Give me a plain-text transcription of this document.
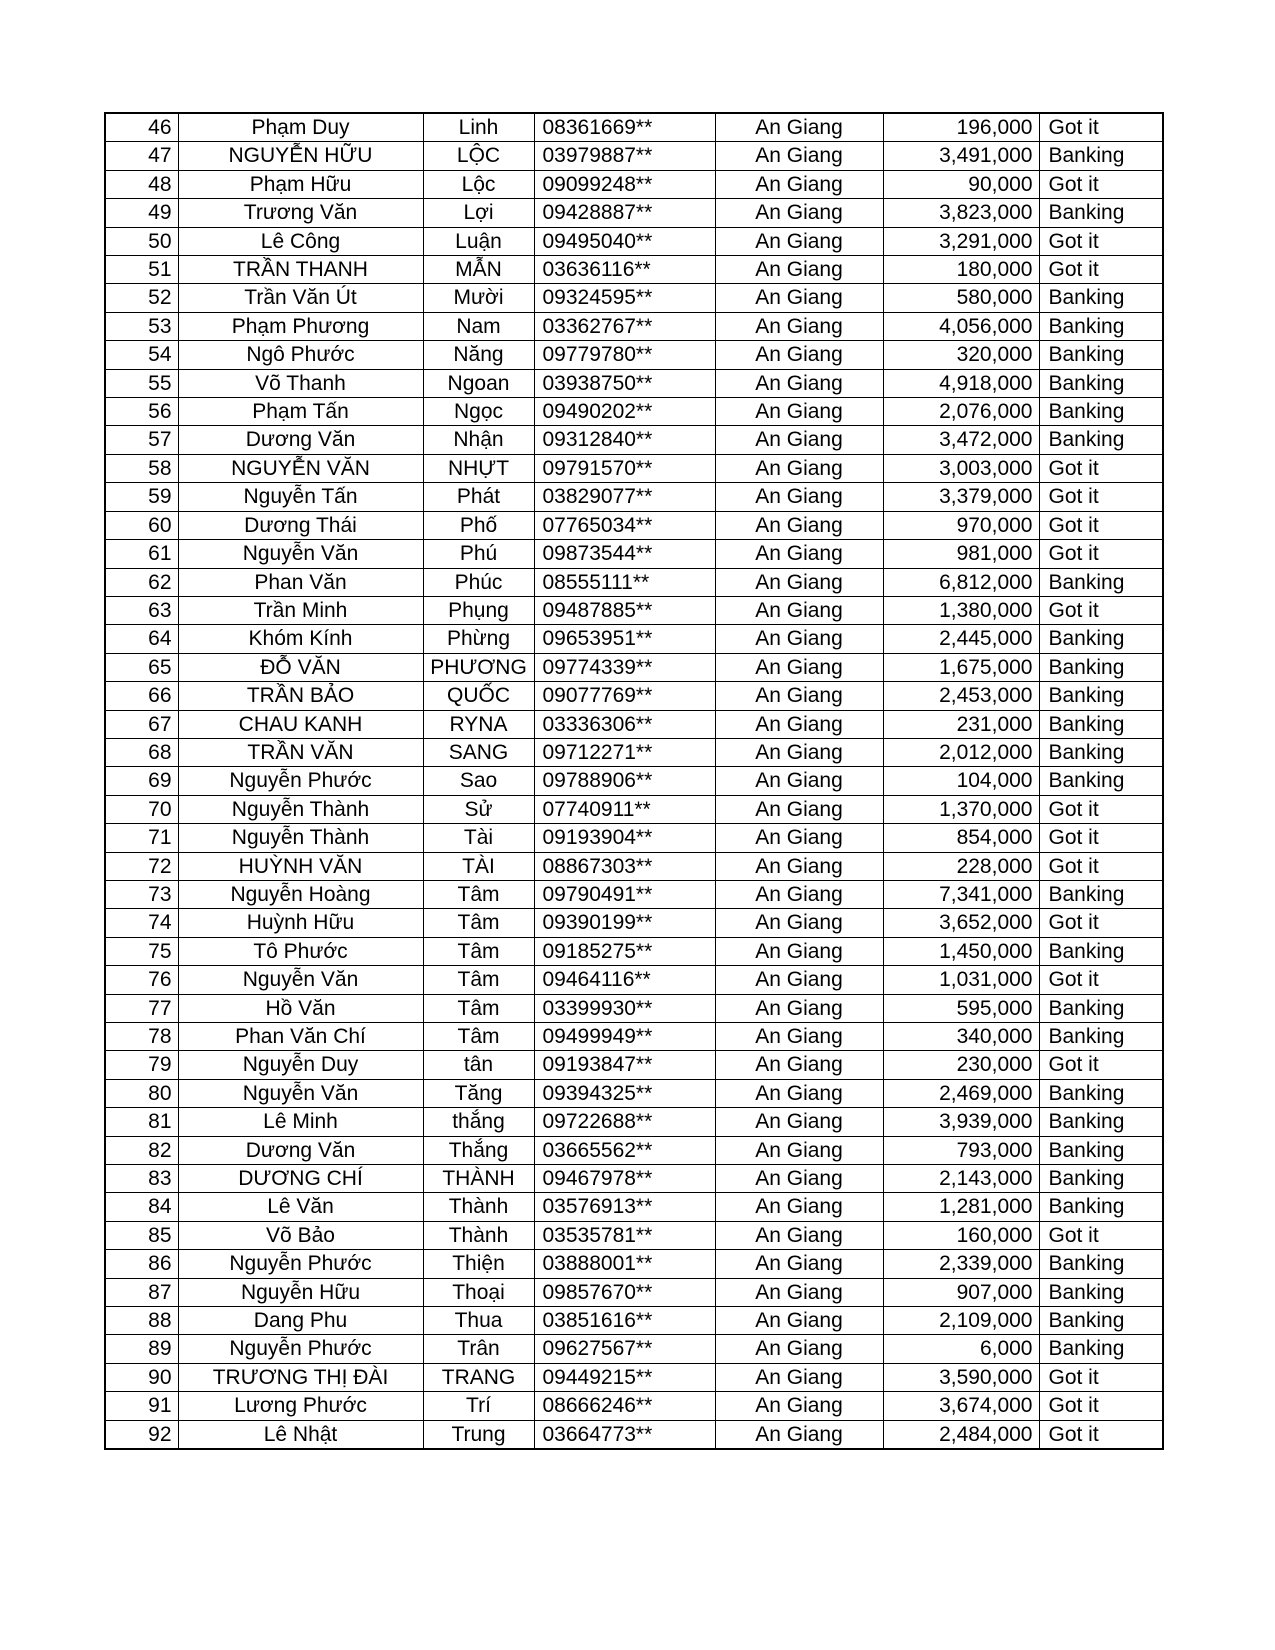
46	Phạm Duy	Linh	08361669**	An Giang	196,000	Got it
47	NGUYỄN HỮU	LỘC	03979887**	An Giang	3,491,000	Banking
48	Phạm Hữu	Lộc	09099248**	An Giang	90,000	Got it
49	Trương Văn	Lợi	09428887**	An Giang	3,823,000	Banking
50	Lê Công	Luận	09495040**	An Giang	3,291,000	Got it
51	TRẦN THANH	MẪN	03636116**	An Giang	180,000	Got it
52	Trần Văn Út	Mười	09324595**	An Giang	580,000	Banking
53	Phạm Phương	Nam	03362767**	An Giang	4,056,000	Banking
54	Ngô Phước	Năng	09779780**	An Giang	320,000	Banking
55	Võ Thanh	Ngoan	03938750**	An Giang	4,918,000	Banking
56	Phạm Tấn	Ngọc	09490202**	An Giang	2,076,000	Banking
57	Dương Văn	Nhận	09312840**	An Giang	3,472,000	Banking
58	NGUYỄN VĂN	NHỰT	09791570**	An Giang	3,003,000	Got it
59	Nguyễn Tấn	Phát	03829077**	An Giang	3,379,000	Got it
60	Dương Thái	Phố	07765034**	An Giang	970,000	Got it
61	Nguyễn Văn	Phú	09873544**	An Giang	981,000	Got it
62	Phan Văn	Phúc	08555111**	An Giang	6,812,000	Banking
63	Trần Minh	Phụng	09487885**	An Giang	1,380,000	Got it
64	Khóm Kính	Phừng	09653951**	An Giang	2,445,000	Banking
65	ĐỖ VĂN	PHƯƠNG	09774339**	An Giang	1,675,000	Banking
66	TRẦN BẢO	QUỐC	09077769**	An Giang	2,453,000	Banking
67	CHAU KANH	RYNA	03336306**	An Giang	231,000	Banking
68	TRẦN VĂN	SANG	09712271**	An Giang	2,012,000	Banking
69	Nguyễn Phước	Sao	09788906**	An Giang	104,000	Banking
70	Nguyễn Thành	Sử	07740911**	An Giang	1,370,000	Got it
71	Nguyễn Thành	Tài	09193904**	An Giang	854,000	Got it
72	HUỲNH VĂN	TÀI	08867303**	An Giang	228,000	Got it
73	Nguyễn Hoàng	Tâm	09790491**	An Giang	7,341,000	Banking
74	Huỳnh Hữu	Tâm	09390199**	An Giang	3,652,000	Got it
75	Tô Phước	Tâm	09185275**	An Giang	1,450,000	Banking
76	Nguyễn Văn	Tâm	09464116**	An Giang	1,031,000	Got it
77	Hồ Văn	Tâm	03399930**	An Giang	595,000	Banking
78	Phan Văn Chí	Tâm	09499949**	An Giang	340,000	Banking
79	Nguyễn Duy	tân	09193847**	An Giang	230,000	Got it
80	Nguyễn Văn	Tăng	09394325**	An Giang	2,469,000	Banking
81	Lê Minh	thắng	09722688**	An Giang	3,939,000	Banking
82	Dương Văn	Thắng	03665562**	An Giang	793,000	Banking
83	DƯƠNG CHÍ	THÀNH	09467978**	An Giang	2,143,000	Banking
84	Lê Văn	Thành	03576913**	An Giang	1,281,000	Banking
85	Võ Bảo	Thành	03535781**	An Giang	160,000	Got it
86	Nguyễn Phước	Thiện	03888001**	An Giang	2,339,000	Banking
87	Nguyễn Hữu	Thoại	09857670**	An Giang	907,000	Banking
88	Dang Phu	Thua	03851616**	An Giang	2,109,000	Banking
89	Nguyễn Phước	Trân	09627567**	An Giang	6,000	Banking
90	TRƯƠNG THỊ ĐÀI	TRANG	09449215**	An Giang	3,590,000	Got it
91	Lương Phước	Trí	08666246**	An Giang	3,674,000	Got it
92	Lê Nhật	Trung	03664773**	An Giang	2,484,000	Got it
